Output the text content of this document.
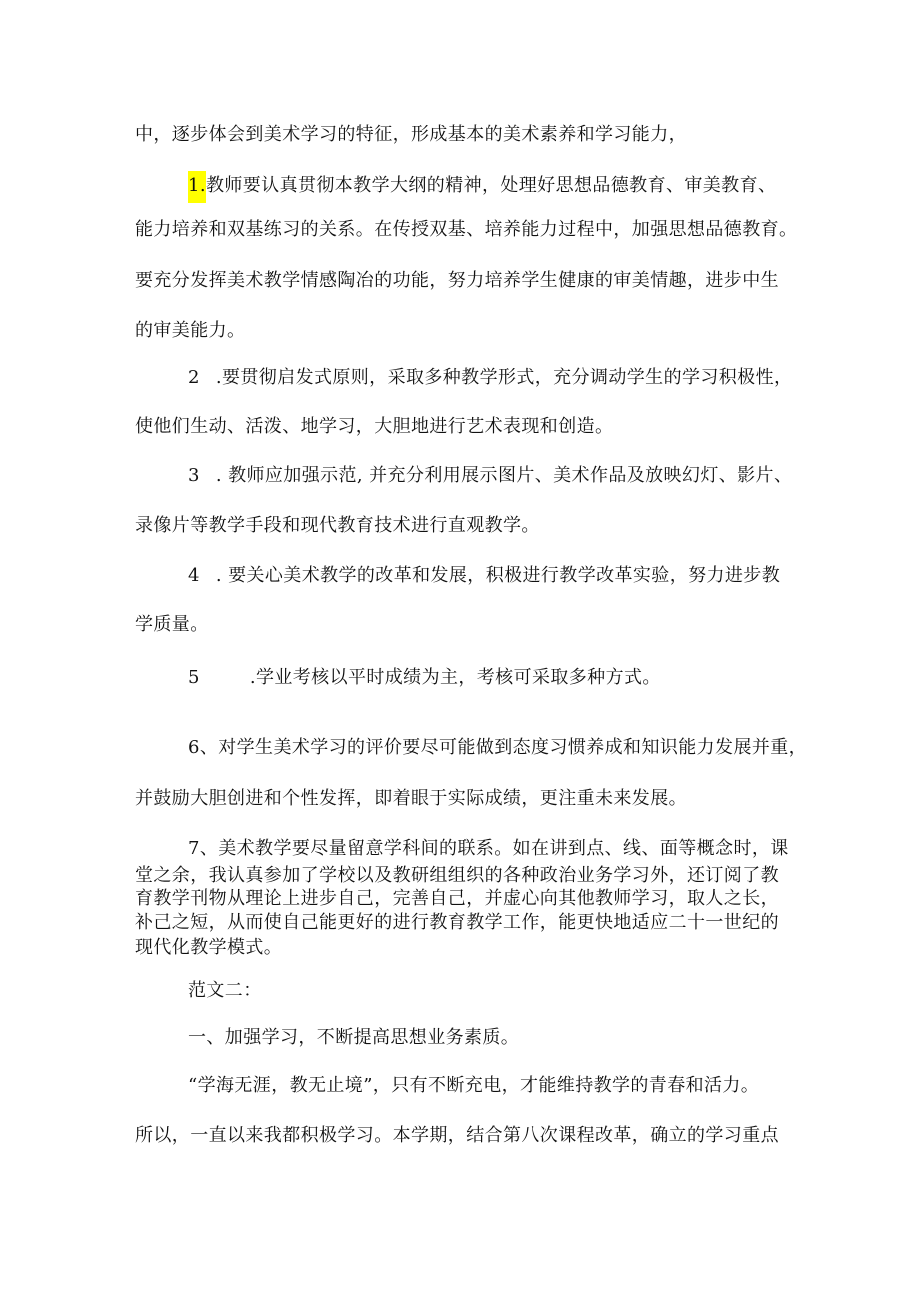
中，逐步体会到美术学习的特征，形成基本的美术素养和学习能力，
1.教师要认真贯彻本教学大纲的精神，处理好思想品德教育、审美教育、
能力培养和双基练习的关系。在传授双基、培养能力过程中，加强思想品德教育。
要充分发挥美术教学情感陶冶的功能，努力培养学生健康的审美情趣，进步中生
的审美能力。
2 .要贯彻启发式原则，采取多种教学形式，充分调动学生的学习积极性，
使他们生动、活泼、地学习，大胆地进行艺术表现和创造。
3 . 教师应加强示范, 并充分利用展示图片、美术作品及放映幻灯、影片、
录像片等教学手段和现代教育技术进行直观教学。
4 . 要关心美术教学的改革和发展，积极进行教学改革实验，努力进步教
学质量。
5	.学业考核以平时成绩为主，考核可采取多种方式。
6、对学生美术学习的评价要尽可能做到态度习惯养成和知识能力发展并重，
并鼓励大胆创进和个性发挥，即着眼于实际成绩，更注重未来发展。
7、美术教学要尽量留意学科间的联系。如在讲到点、线、面等概念时，课
堂之余，我认真参加了学校以及教研组组织的各种政治业务学习外，还订阅了教
育教学刊物从理论上进步自己，完善自己，并虚心向其他教师学习，取人之长，
补己之短，从而使自己能更好的进行教育教学工作，能更快地适应二十一世纪的
现代化教学模式。
范文二：
一、加强学习，不断提高思想业务素质。
“学海无涯，教无止境”，只有不断充电，才能维持教学的青春和活力。
所以，一直以来我都积极学习。本学期，结合第八次课程改革，确立的学习重点
